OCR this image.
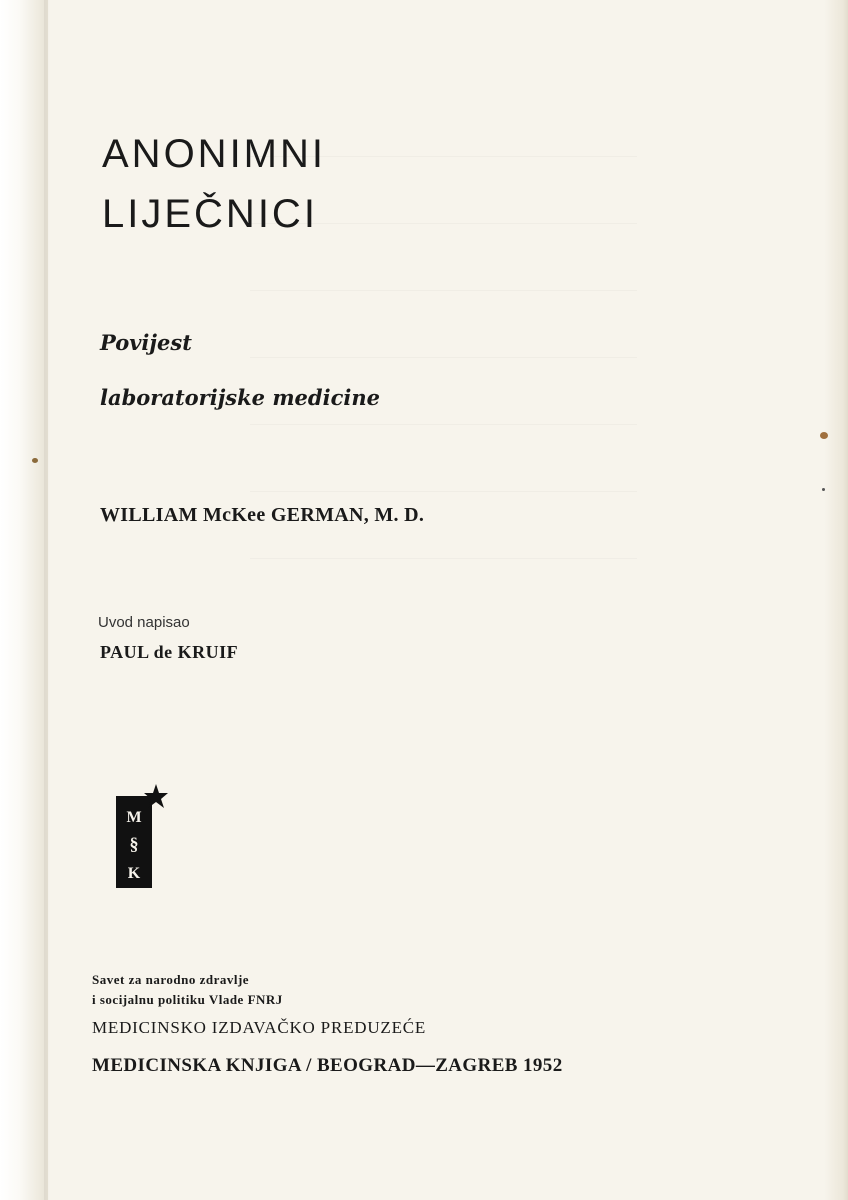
ANONIMNI
LIJEČNICI
Povijest
laboratorijske medicine
WILLIAM McKee GERMAN, M. D.
Uvod napisao
PAUL de KRUIF
M
§
K
Savet za narodno zdravlje
i socijalnu politiku Vlade FNRJ
MEDICINSKO IZDAVAČKO PREDUZEĆE
MEDICINSKA KNJIGA / BEOGRAD—ZAGREB 1952
